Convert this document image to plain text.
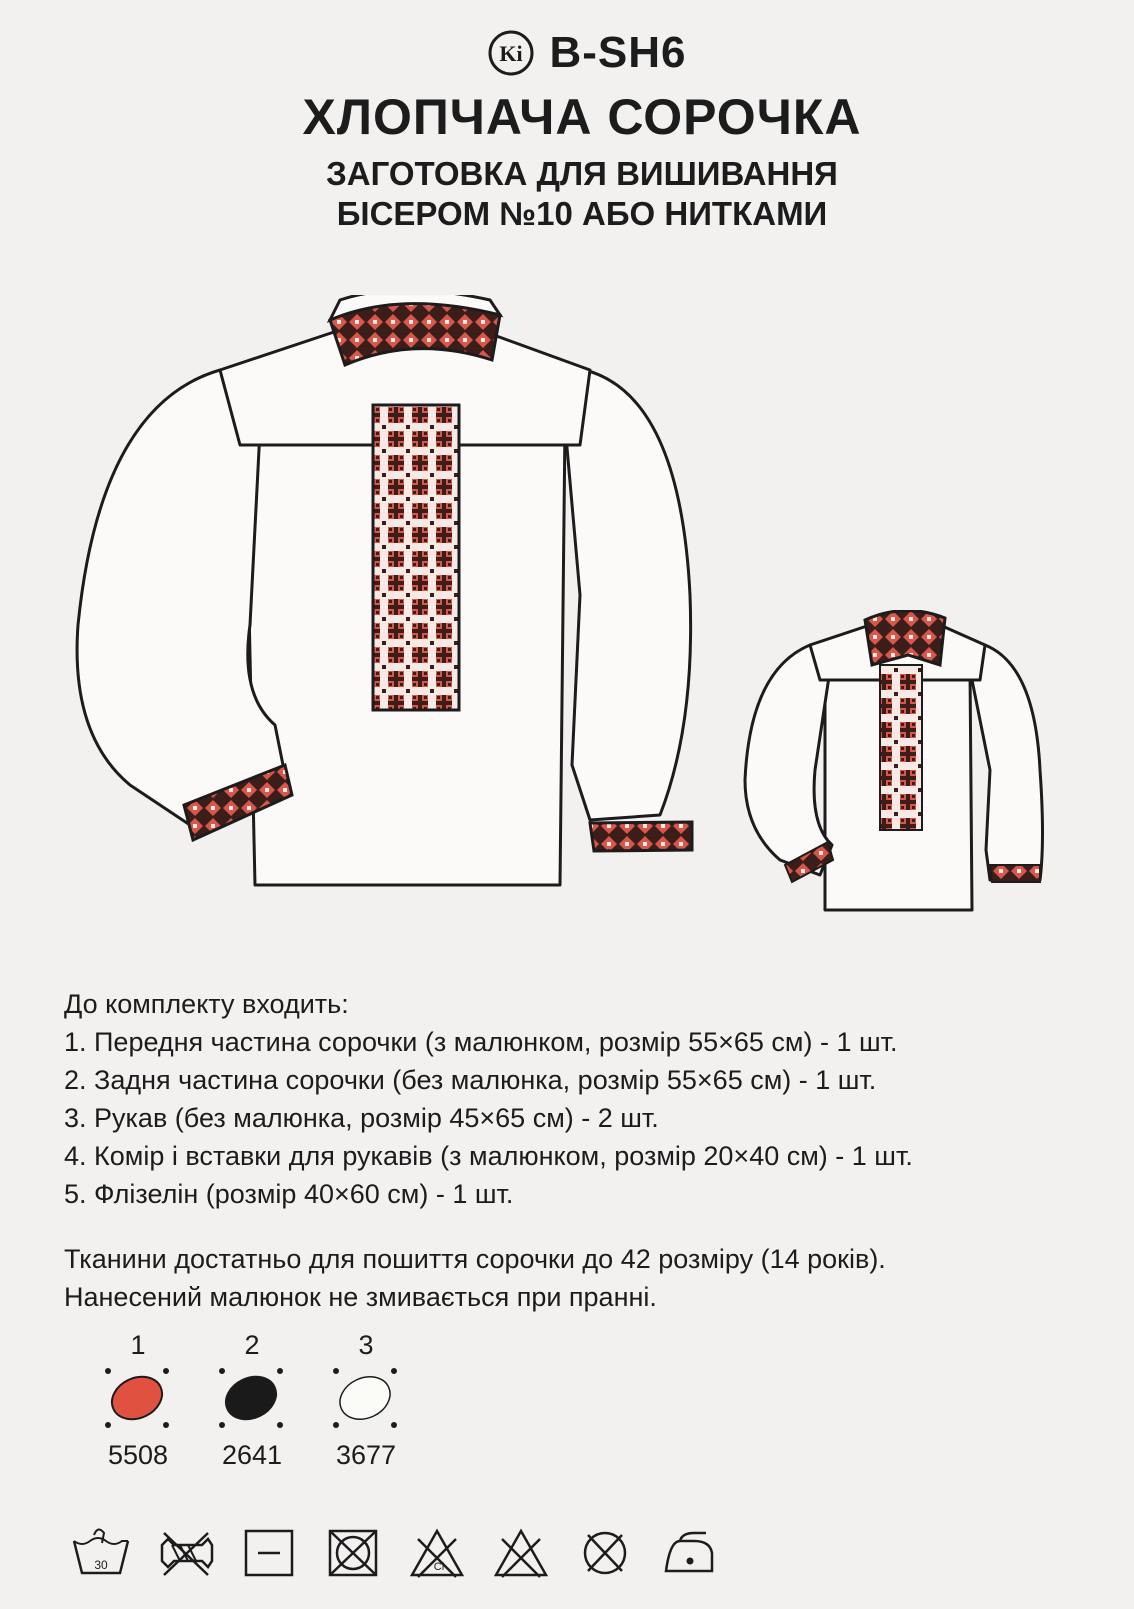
Ki B-SH6
ХЛОПЧАЧА СОРОЧКА
ЗАГОТОВКА ДЛЯ ВИШИВАННЯ
БІСЕРОМ №10 АБО НИТКАМИ
До комплекту входить:
1. Передня частина сорочки (з малюнком, розмір 55×65 см) - 1 шт.
2. Задня частина сорочки (без малюнка, розмір 55×65 см) - 1 шт.
3. Рукав (без малюнка, розмір 45×65 см) - 2 шт.
4. Комір і вставки для рукавів (з малюнком, розмір 20×40 см) - 1 шт.
5. Флізелін (розмір 40×60 см) - 1 шт.
Тканини достатньо для пошиття сорочки до 42 розміру (14 років).
Нанесений малюнок не змивається при пранні.
1
5508
2
2641
3
3677
30	Cl
